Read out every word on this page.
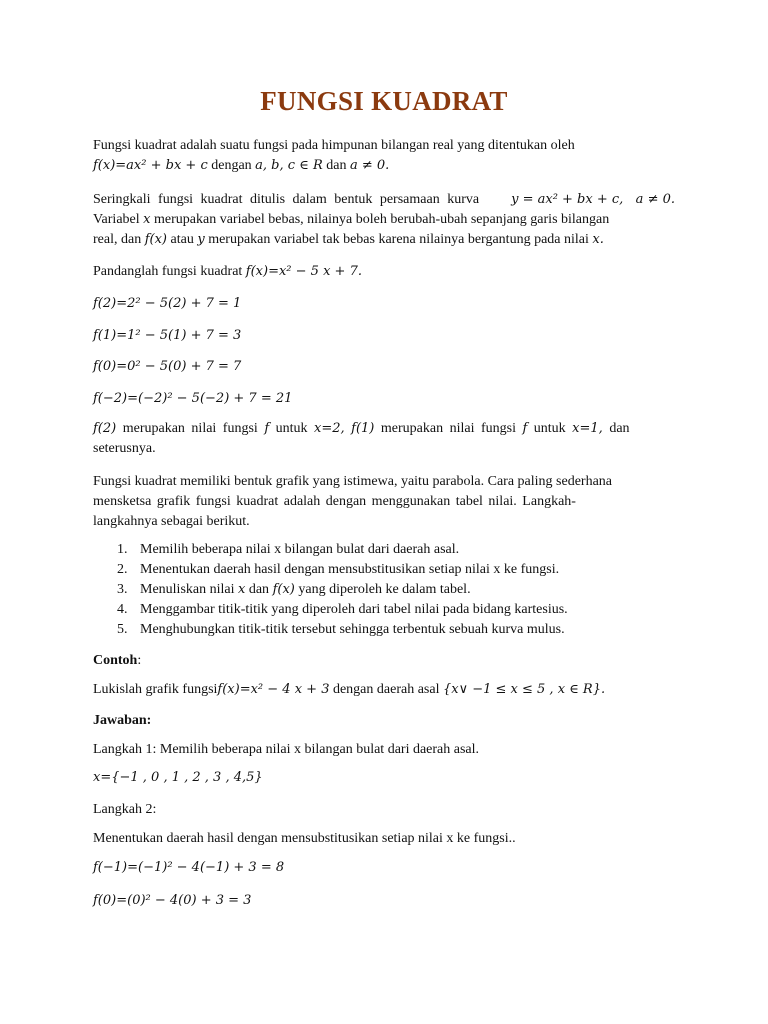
FUNGSI KUADRAT
Fungsi kuadrat adalah suatu fungsi pada himpunan bilangan real yang ditentukan oleh
f(x)=ax² + bx + c dengan a, b, c ∈ R dan a ≠ 0.
Seringkali fungsi kuadrat ditulis dalam bentuk persamaan kurva y = ax² + bx + c,   a ≠ 0.
Variabel x merupakan variabel bebas, nilainya boleh berubah-ubah sepanjang garis bilangan
real, dan f(x) atau y merupakan variabel tak bebas karena nilainya bergantung pada nilai x.
Pandanglah fungsi kuadrat f(x)=x² − 5 x + 7.
f(2)=2² − 5(2) + 7 = 1
f(1)=1² − 5(1) + 7 = 3
f(0)=0² − 5(0) + 7 = 7
f(−2)=(−2)² − 5(−2) + 7 = 21
f(2) merupakan nilai fungsi f untuk x=2, f(1) merupakan nilai fungsi f untuk x=1, dan
seterusnya.
Fungsi kuadrat memiliki bentuk grafik yang istimewa, yaitu parabola. Cara paling sederhana
mensketsa grafik fungsi kuadrat adalah dengan menggunakan tabel nilai. Langkah-
langkahnya sebagai berikut.
1. Memilih beberapa nilai x bilangan bulat dari daerah asal.
2. Menentukan daerah hasil dengan mensubstitusikan setiap nilai x ke fungsi.
3. Menuliskan nilai x dan f(x) yang diperoleh ke dalam tabel.
4. Menggambar titik-titik yang diperoleh dari tabel nilai pada bidang kartesius.
5. Menghubungkan titik-titik tersebut sehingga terbentuk sebuah kurva mulus.
Contoh:
Lukislah grafik fungsif(x)=x² − 4 x + 3 dengan daerah asal {x∨ −1 ≤ x ≤ 5 , x ∈ R}.
Jawaban:
Langkah 1: Memilih beberapa nilai x bilangan bulat dari daerah asal.
x={−1 , 0 , 1 , 2 , 3 , 4,5}
Langkah 2:
Menentukan daerah hasil dengan mensubstitusikan setiap nilai x ke fungsi..
f(−1)=(−1)² − 4(−1) + 3 = 8
f(0)=(0)² − 4(0) + 3 = 3
